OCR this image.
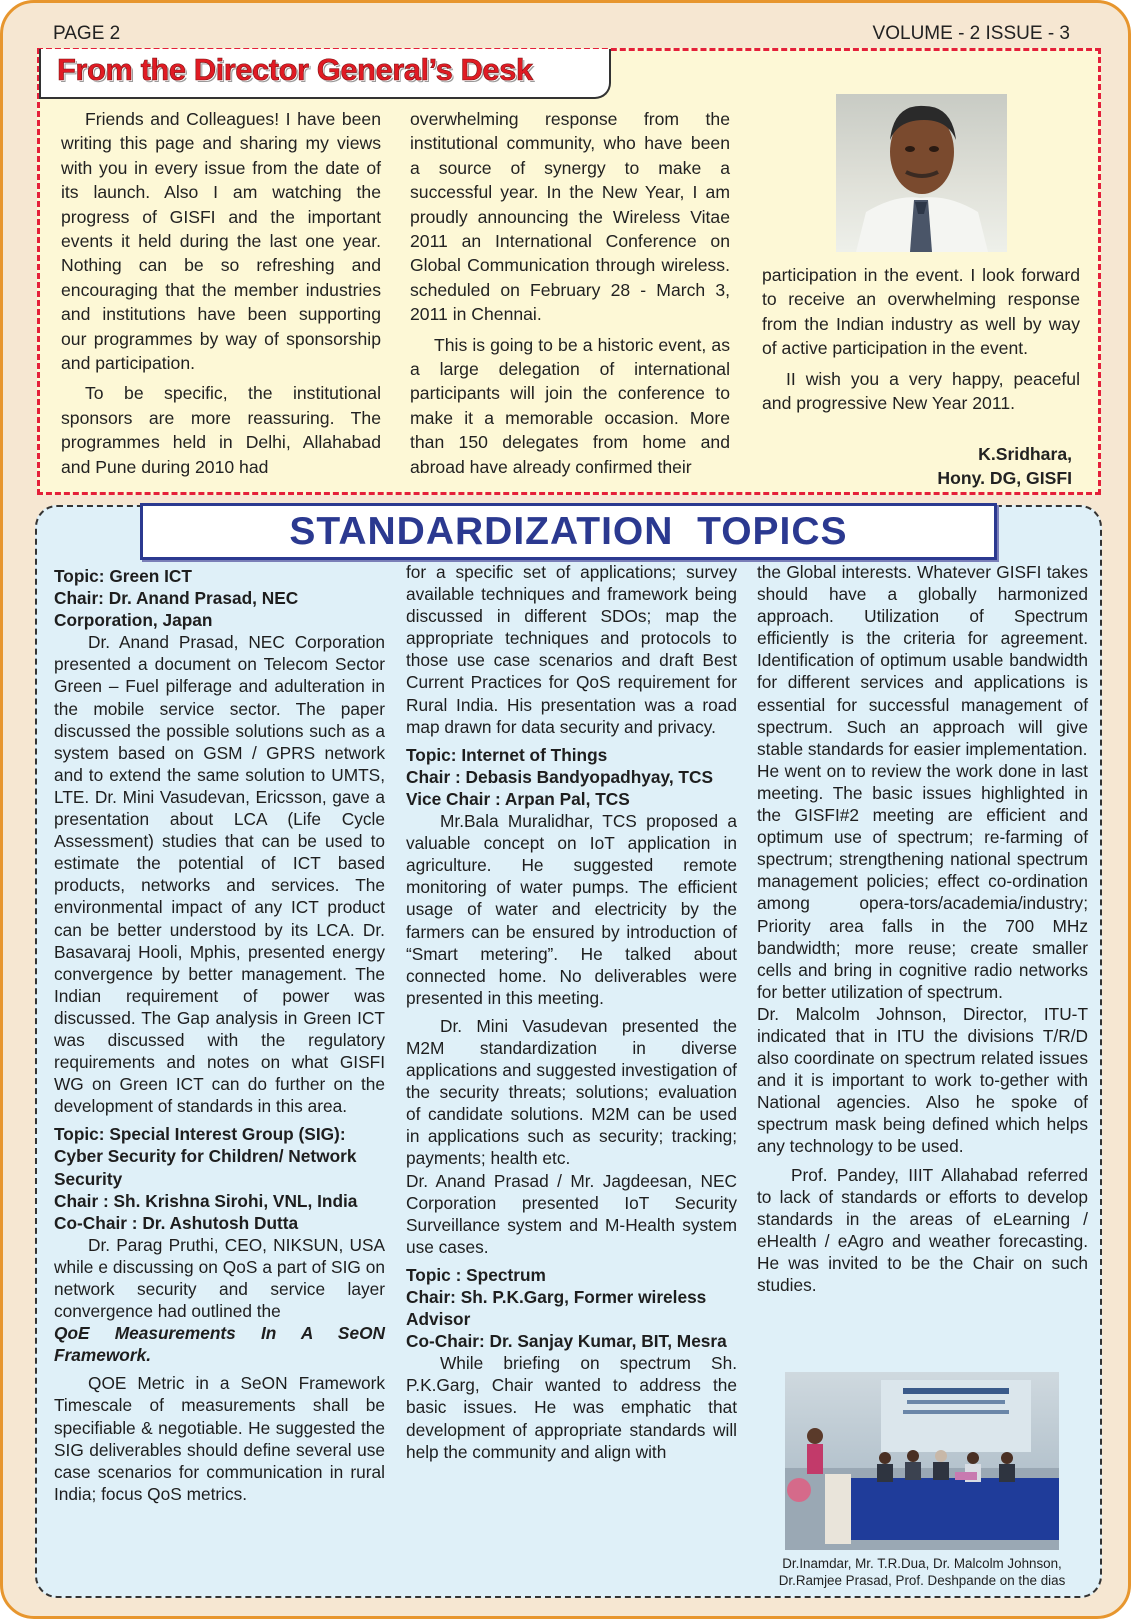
PAGE 2	VOLUME - 2 ISSUE - 3
From the Director General’s Desk

Friends and Colleagues! I have been writing this page and sharing my views with you in every issue from the date of its launch. Also I am watching the progress of GISFI and the important events it held during the last one year. Nothing can be so refreshing and encouraging that the member industries and institutions have been supporting our programmes by way of sponsorship and participation.

To be specific, the institutional sponsors are more reassuring. The programmes held in Delhi, Allahabad and Pune during 2010 had

overwhelming response from the institutional community, who have been a source of synergy to make a successful year. In the New Year, I am proudly announcing the Wireless Vitae 2011 an International Conference on Global Communication through wireless. scheduled on February 28 - March 3, 2011 in Chennai.

This is going to be a historic event, as a large delegation of international participants will join the conference to make it a memorable occasion. More than 150 delegates from home and abroad have already confirmed their

participation in the event. I look forward to receive an overwhelming response from the Indian industry as well by way of active participation in the event.

II wish you a very happy, peaceful and progressive New Year 2011.

K.Sridhara,
Hony. DG, GISFI
STANDARDIZATION  TOPICS

Topic: Green ICT

Chair: Dr. Anand Prasad, NEC Corporation, Japan

Dr. Anand Prasad, NEC Corporation presented a document on Telecom Sector Green – Fuel pilferage and adulteration in the mobile service sector. The paper discussed the possible solutions such as a system based on GSM / GPRS network and to extend the same solution to UMTS, LTE. Dr. Mini Vasudevan, Ericsson, gave a presentation about LCA (Life Cycle Assessment) studies that can be used to estimate the potential of ICT based products, networks and services. The environmental impact of any ICT product can be better understood by its LCA. Dr. Basavaraj Hooli, Mphis, presented energy convergence by better management. The Indian requirement of power was discussed. The Gap analysis in Green ICT was discussed with the regulatory requirements and notes on what GISFI WG on Green ICT can do further on the development of standards in this area.

Topic: Special Interest Group (SIG): Cyber Security for Children/ Network Security

Chair : Sh. Krishna Sirohi, VNL, India

Co-Chair : Dr. Ashutosh Dutta

Dr. Parag Pruthi, CEO, NIKSUN, USA while e discussing on QoS a part of SIG on network security and service layer convergence had outlined the

QoE Measurements In A SeON Framework.

QOE Metric in a SeON Framework Timescale of measurements shall be specifiable & negotiable. He suggested the SIG deliverables should define several use case scenarios for communication in rural India; focus QoS metrics.

for a specific set of applications; survey available techniques and framework being discussed in different SDOs; map the appropriate techniques and protocols to those use case scenarios and draft Best Current Practices for QoS requirement for Rural India. His presentation was a road map drawn for data security and privacy.

Topic: Internet of Things

Chair : Debasis Bandyopadhyay, TCS

Vice Chair : Arpan Pal, TCS

Mr.Bala Muralidhar, TCS proposed a valuable concept on IoT application in agriculture. He suggested remote monitoring of water pumps. The efficient usage of water and electricity by the farmers can be ensured by introduction of “Smart metering”. He talked about connected home. No deliverables were presented in this meeting.

Dr. Mini Vasudevan presented the M2M standardization in diverse applications and suggested investigation of the security threats; solutions; evaluation of candidate solutions. M2M can be used in applications such as security; tracking; payments; health etc.

Dr. Anand Prasad / Mr. Jagdeesan, NEC Corporation presented IoT Security Surveillance system and M-Health system use cases.

Topic : Spectrum

Chair: Sh. P.K.Garg, Former wireless Advisor

Co-Chair: Dr. Sanjay Kumar, BIT, Mesra

While briefing on spectrum Sh. P.K.Garg, Chair wanted to address the basic issues. He was emphatic that development of appropriate standards will help the community and align with

the Global interests. Whatever GISFI takes should have a globally harmonized approach. Utilization of Spectrum efficiently is the criteria for agreement. Identification of optimum usable bandwidth for different services and applications is essential for successful management of spectrum. Such an approach will give stable standards for easier implementation.

He went on to review the work done in last meeting. The basic issues highlighted in the GISFI#2 meeting are efficient and optimum use of spectrum; re-farming of spectrum; strengthening national spectrum management policies; effect co-ordination among opera-tors/academia/industry; Priority area falls in the 700 MHz bandwidth; more reuse; create smaller cells and bring in cognitive radio networks for better utilization of spectrum.

Dr. Malcolm Johnson, Director, ITU-T indicated that in ITU the divisions T/R/D also coordinate on spectrum related issues and it is important to work to-gether with National agencies. Also he spoke of spectrum mask being defined which helps any technology to be used.

Prof. Pandey, IIIT Allahabad referred to lack of standards or efforts to develop standards in the areas of eLearning / eHealth / eAgro and weather forecasting. He was invited to be the Chair on such studies.

Dr.Inamdar, Mr. T.R.Dua, Dr. Malcolm Johnson,
Dr.Ramjee Prasad, Prof. Deshpande on the dias
